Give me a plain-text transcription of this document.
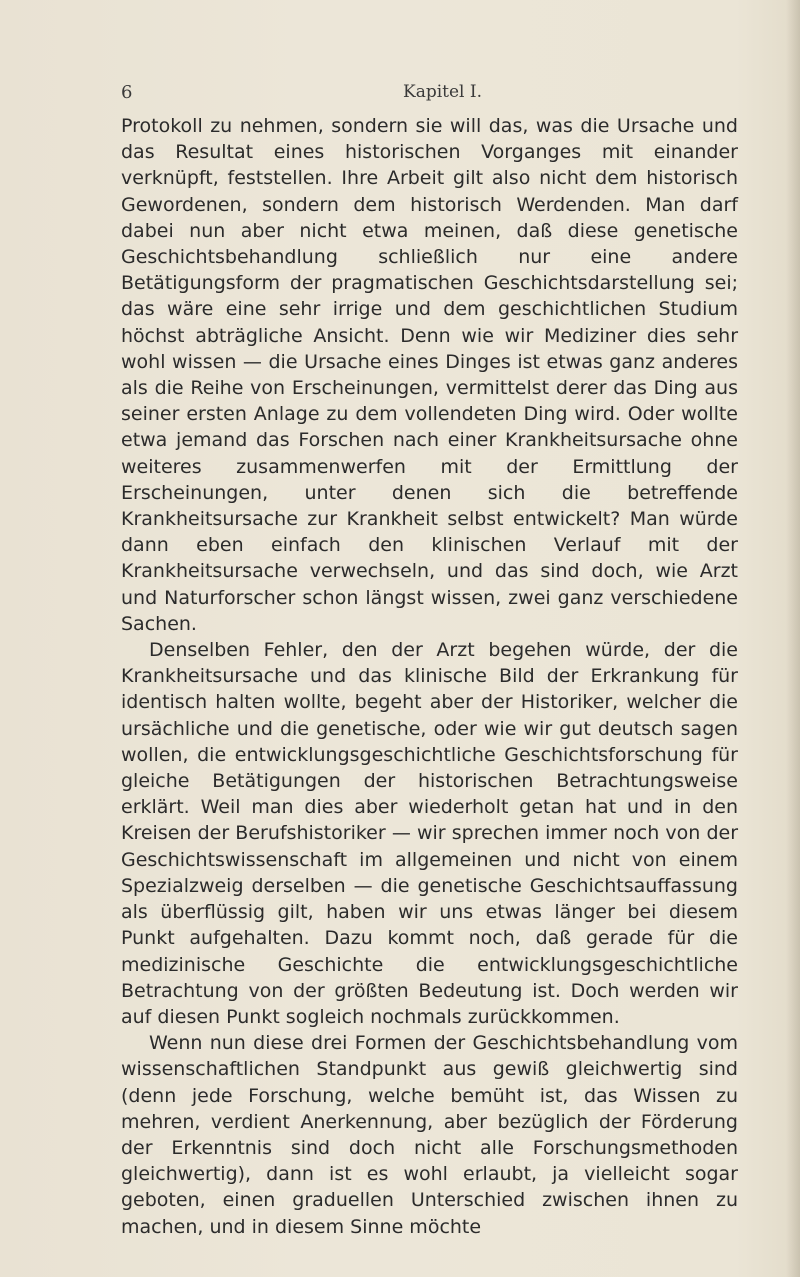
6	Kapitel I.

Protokoll zu nehmen, sondern sie will das, was die Ursache und das Resultat eines historischen Vorganges mit einander verknüpft, feststellen. Ihre Arbeit gilt also nicht dem historisch Gewordenen, sondern dem historisch Werdenden. Man darf dabei nun aber nicht etwa meinen, daß diese genetische Geschichtsbehandlung schließlich nur eine andere Betätigungsform der pragmatischen Geschichtsdarstellung sei; das wäre eine sehr irrige und dem geschichtlichen Studium höchst abträgliche Ansicht. Denn wie wir Mediziner dies sehr wohl wissen — die Ursache eines Dinges ist etwas ganz anderes als die Reihe von Erscheinungen, vermittelst derer das Ding aus seiner ersten Anlage zu dem vollendeten Ding wird. Oder wollte etwa jemand das Forschen nach einer Krankheitsursache ohne weiteres zusammenwerfen mit der Ermittlung der Erscheinungen, unter denen sich die betreffende Krankheitsursache zur Krankheit selbst entwickelt? Man würde dann eben einfach den klinischen Verlauf mit der Krankheitsursache verwechseln, und das sind doch, wie Arzt und Naturforscher schon längst wissen, zwei ganz verschiedene Sachen.

Denselben Fehler, den der Arzt begehen würde, der die Krankheitsursache und das klinische Bild der Erkrankung für identisch halten wollte, begeht aber der Historiker, welcher die ursächliche und die genetische, oder wie wir gut deutsch sagen wollen, die entwicklungsgeschichtliche Geschichtsforschung für gleiche Betätigungen der historischen Betrachtungsweise erklärt. Weil man dies aber wiederholt getan hat und in den Kreisen der Berufshistoriker — wir sprechen immer noch von der Geschichtswissenschaft im allgemeinen und nicht von einem Spezialzweig derselben — die genetische Geschichtsauffassung als überflüssig gilt, haben wir uns etwas länger bei diesem Punkt aufgehalten. Dazu kommt noch, daß gerade für die medizinische Geschichte die entwicklungsgeschichtliche Betrachtung von der größten Bedeutung ist. Doch werden wir auf diesen Punkt sogleich nochmals zurückkommen.

Wenn nun diese drei Formen der Geschichtsbehandlung vom wissenschaftlichen Standpunkt aus gewiß gleichwertig sind (denn jede Forschung, welche bemüht ist, das Wissen zu mehren, verdient Anerkennung, aber bezüglich der Förderung der Erkenntnis sind doch nicht alle Forschungsmethoden gleichwertig), dann ist es wohl erlaubt, ja vielleicht sogar geboten, einen graduellen Unterschied zwischen ihnen zu machen, und in diesem Sinne möchte
